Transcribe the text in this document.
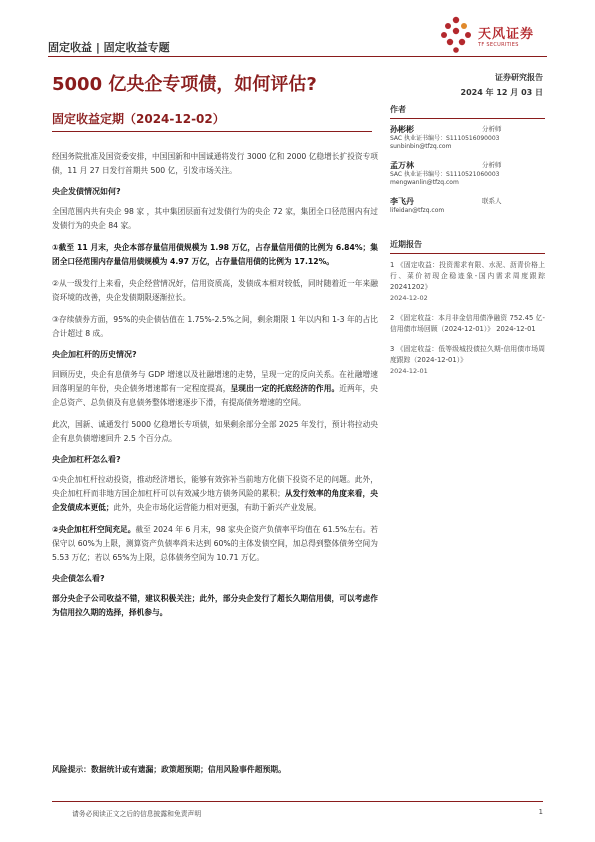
固定收益 | 固定收益专题
天风证券
TF SECURITIES
5000 亿央企专项债，如何评估?
固定收益定期（2024-12-02）
证券研究报告
2024 年 12 月 03 日

经国务院批准及国资委安排，中国国新和中国诚通将发行 3000 亿和 2000 亿稳增长扩投资专项债，11 月 27 日发行首期共 500 亿，引发市场关注。

央企发债情况如何?

全国范围内共有央企 98 家 ，其中集团层面有过发债行为的央企 72 家，集团全口径范围内有过发债行为的央企 84 家。

①截至 11 月末，央企本部存量信用债规模为 1.98 万亿，占存量信用债的比例为 6.84%；集团全口径范围内存量信用债规模为 4.97 万亿，占存量信用债的比例为 17.12%。

②从一级发行上来看，央企经营情况好，信用资质高，发债成本相对较低，同时随着近一年来融资环境的改善，央企发债期限逐渐拉长。

③存续债券方面，95%的央企债估值在 1.75%-2.5%之间，剩余期限 1 年以内和 1-3 年的占比合计超过 8 成。

央企加杠杆的历史情况?

回顾历史，央企有息债务与 GDP 增速以及社融增速的走势，呈现一定的反向关系。在社融增速回落明显的年份，央企债务增速都有一定程度提高，呈现出一定的托底经济的作用。近两年，央企总资产、总负债及有息债务整体增速逐步下滑，有提高债务增速的空间。

此次，国新、诚通发行 5000 亿稳增长专项债，如果剩余部分全部 2025 年发行，预计将拉动央企有息负债增速回升 2.5 个百分点。

央企加杠杆怎么看?

①央企加杠杆拉动投资，推动经济增长，能够有效弥补当前地方化债下投资不足的问题。此外，央企加杠杆而非地方国企加杠杆可以有效减少地方债务风险的累积；从发行效率的角度来看，央企发债成本更低；此外，央企市场化运营能力相对更强，有助于新兴产业发展。

②央企加杠杆空间充足。截至 2024 年 6 月末，98 家央企资产负债率平均值在 61.5%左右。若保守以 60%为上限，测算资产负债率尚未达到 60%的主体发债空间，加总得到整体债务空间为 5.53 万亿；若以 65%为上限，总体债务空间为 10.71 万亿。

央企债怎么看?

部分央企子公司收益不错，建议积极关注；此外，部分央企发行了超长久期信用债，可以考虑作为信用拉久期的选择，择机参与。

作者
孙彬彬	分析师
SAC 执业证书编号：S1110516090003
sunbinbin@tfzq.com
孟万林	分析师
SAC 执业证书编号：S1110521060003
mengwanlin@tfzq.com
李飞丹	联系人
lifeidan@tfzq.com
近期报告
1 《固定收益：投资需求有限、水泥、沥青价格上行、菜价初现企稳迹象-国内需求周度跟踪 20241202》
2024-12-02
2 《固定收益：本月非金信用债净融资 752.45 亿-信用债市场回顾（2024-12-01）》 2024-12-01
3 《固定收益：低等级城投债拉久期-信用债市场周度跟踪（2024-12-01）》
2024-12-01
风险提示：数据统计或有遗漏；政策超预期；信用风险事件超预期。
请务必阅读正文之后的信息披露和免责声明	1
